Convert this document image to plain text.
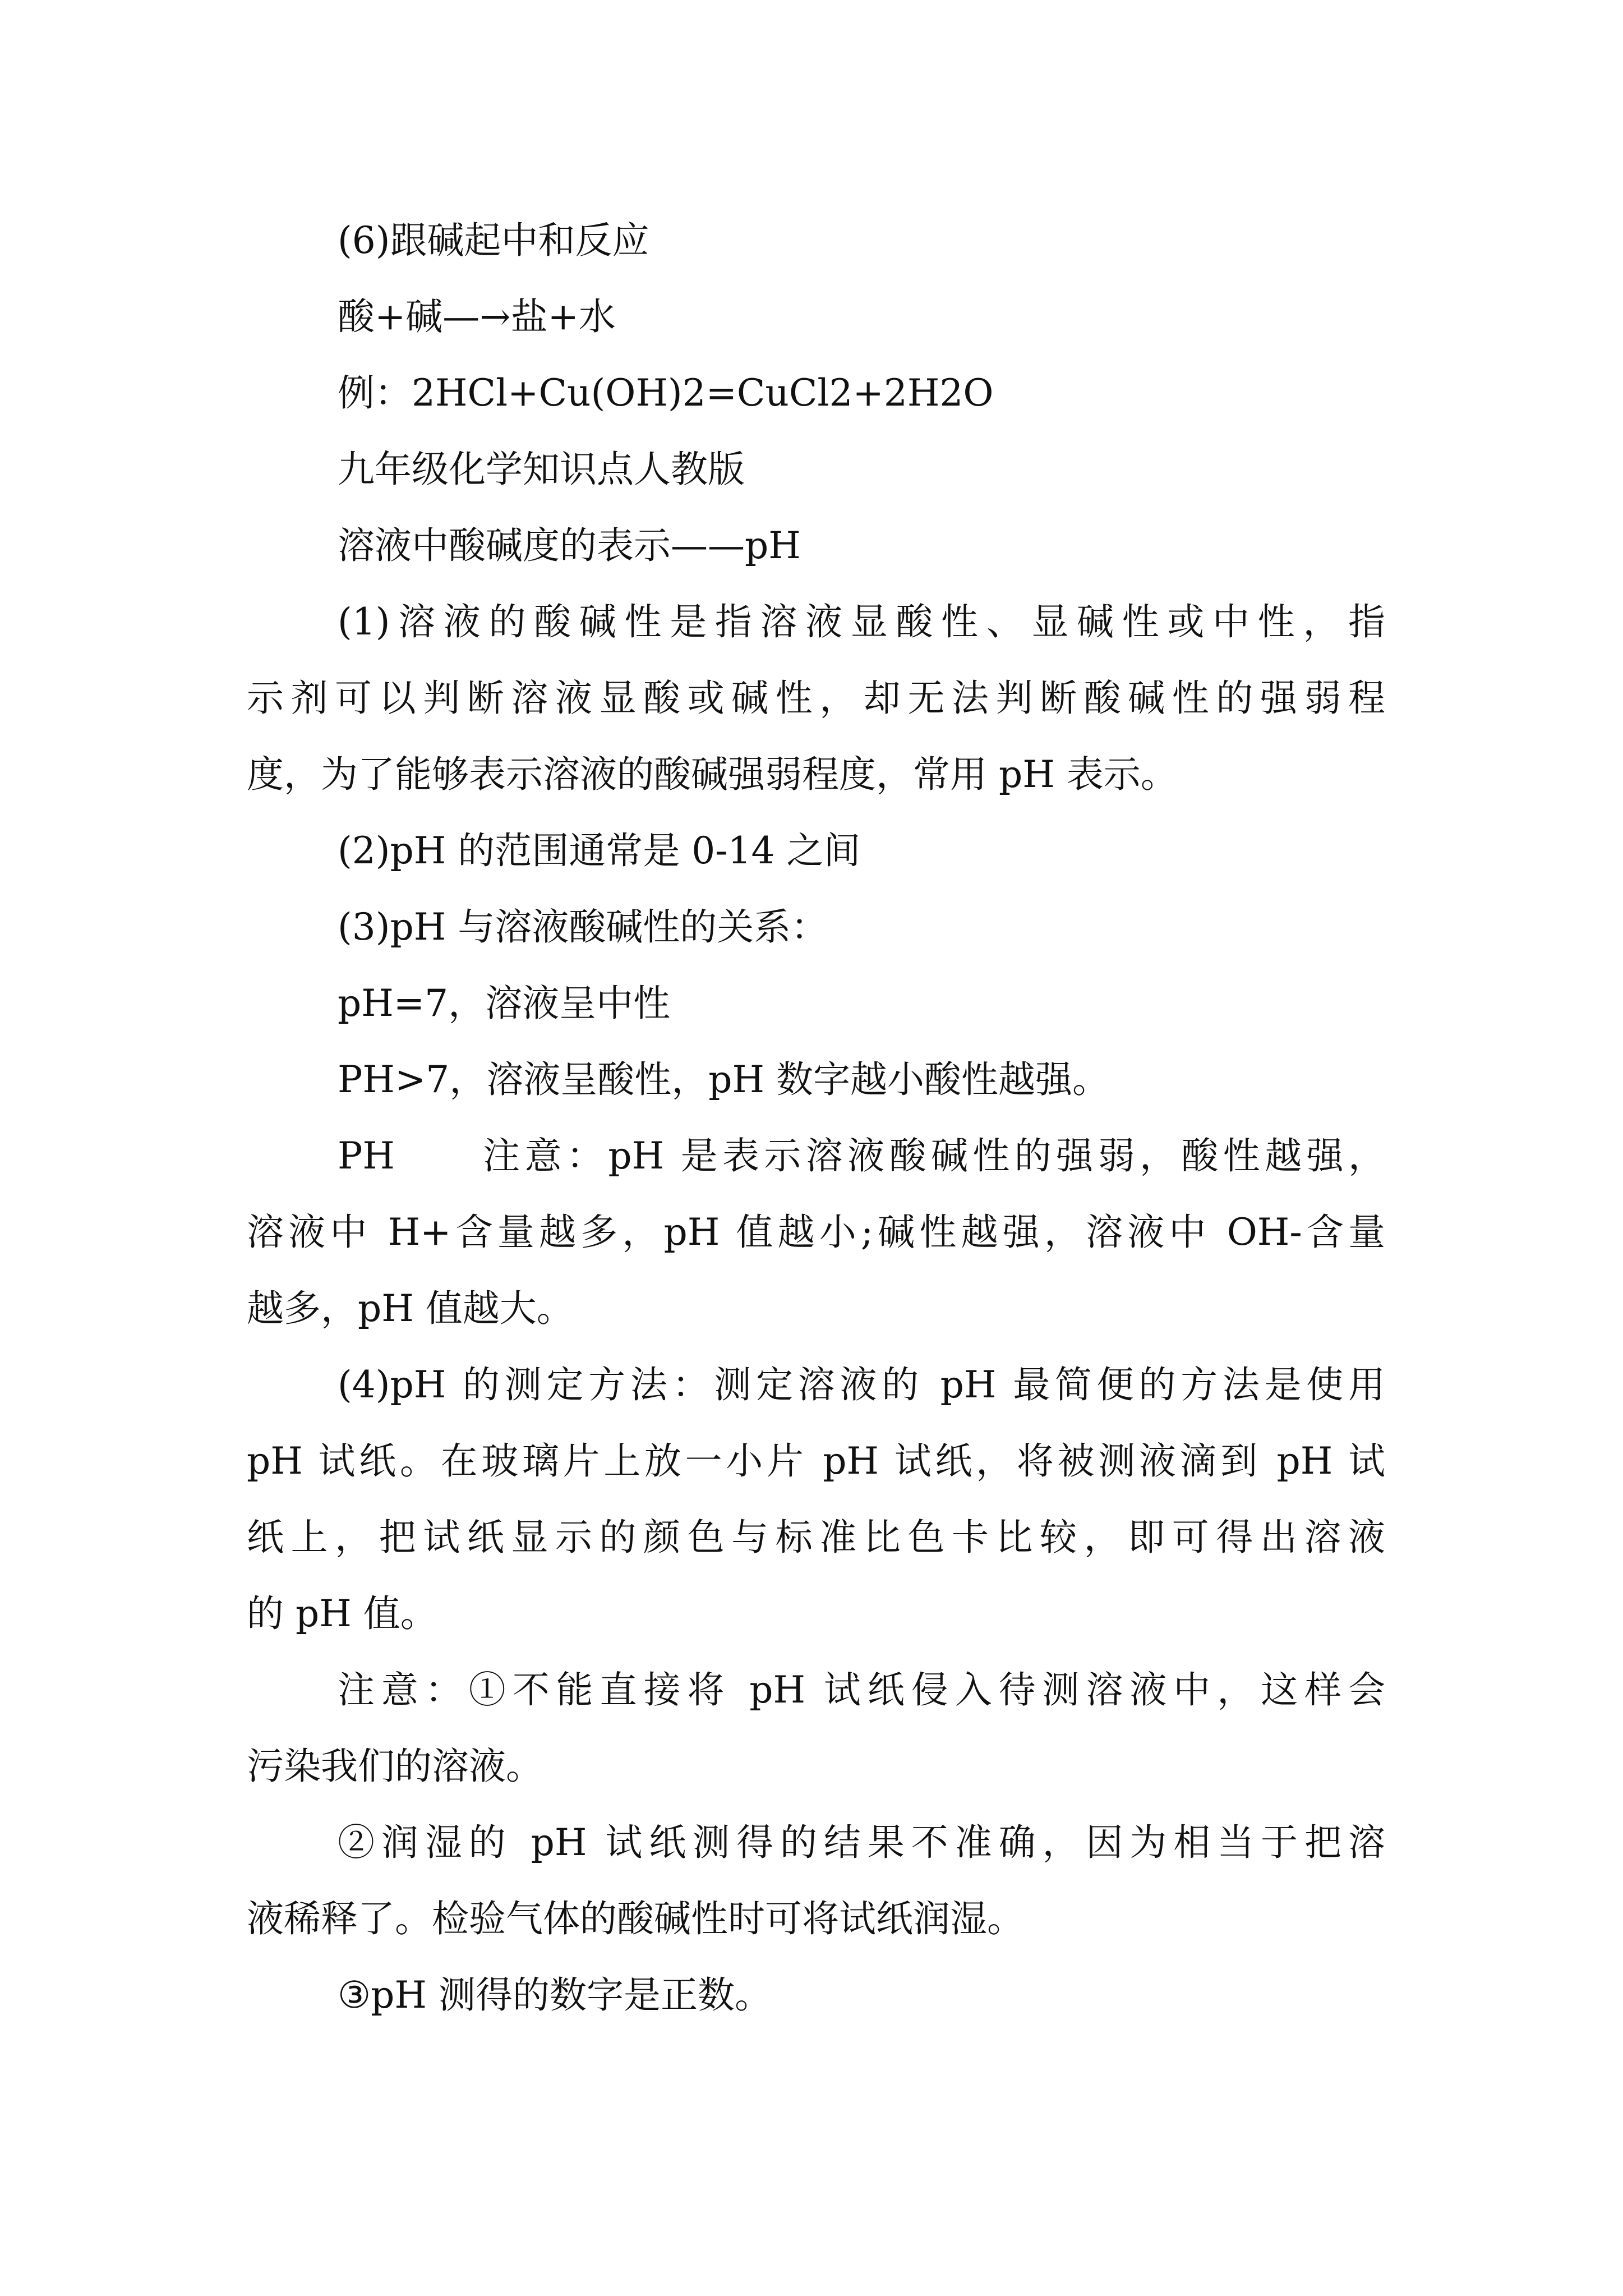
(6)跟碱起中和反应
酸+碱—→盐+水
例：2HCl+Cu(OH)2=CuCl2+2H2O
九年级化学知识点人教版
溶液中酸碱度的表示——pH
(1)溶液的酸碱性是指溶液显酸性、显碱性或中性，指
示剂可以判断溶液显酸或碱性，却无法判断酸碱性的强弱程
度，为了能够表示溶液的酸碱强弱程度，常用 pH 表示。
(2)pH 的范围通常是 0-14 之间
(3)pH 与溶液酸碱性的关系：
pH=7，溶液呈中性
PH>7，溶液呈酸性，pH 数字越小酸性越强。
PH　　注意：pH 是表示溶液酸碱性的强弱，酸性越强，
溶液中 H+含量越多，pH 值越小;碱性越强，溶液中 OH-含量
越多，pH 值越大。
(4)pH 的测定方法：测定溶液的 pH 最简便的方法是使用
pH 试纸。在玻璃片上放一小片 pH 试纸，将被测液滴到 pH 试
纸上，把试纸显示的颜色与标准比色卡比较，即可得出溶液
的 pH 值。
注意：①不能直接将 pH 试纸侵入待测溶液中，这样会
污染我们的溶液。
②润湿的 pH 试纸测得的结果不准确，因为相当于把溶
液稀释了。检验气体的酸碱性时可将试纸润湿。
③pH 测得的数字是正数。
